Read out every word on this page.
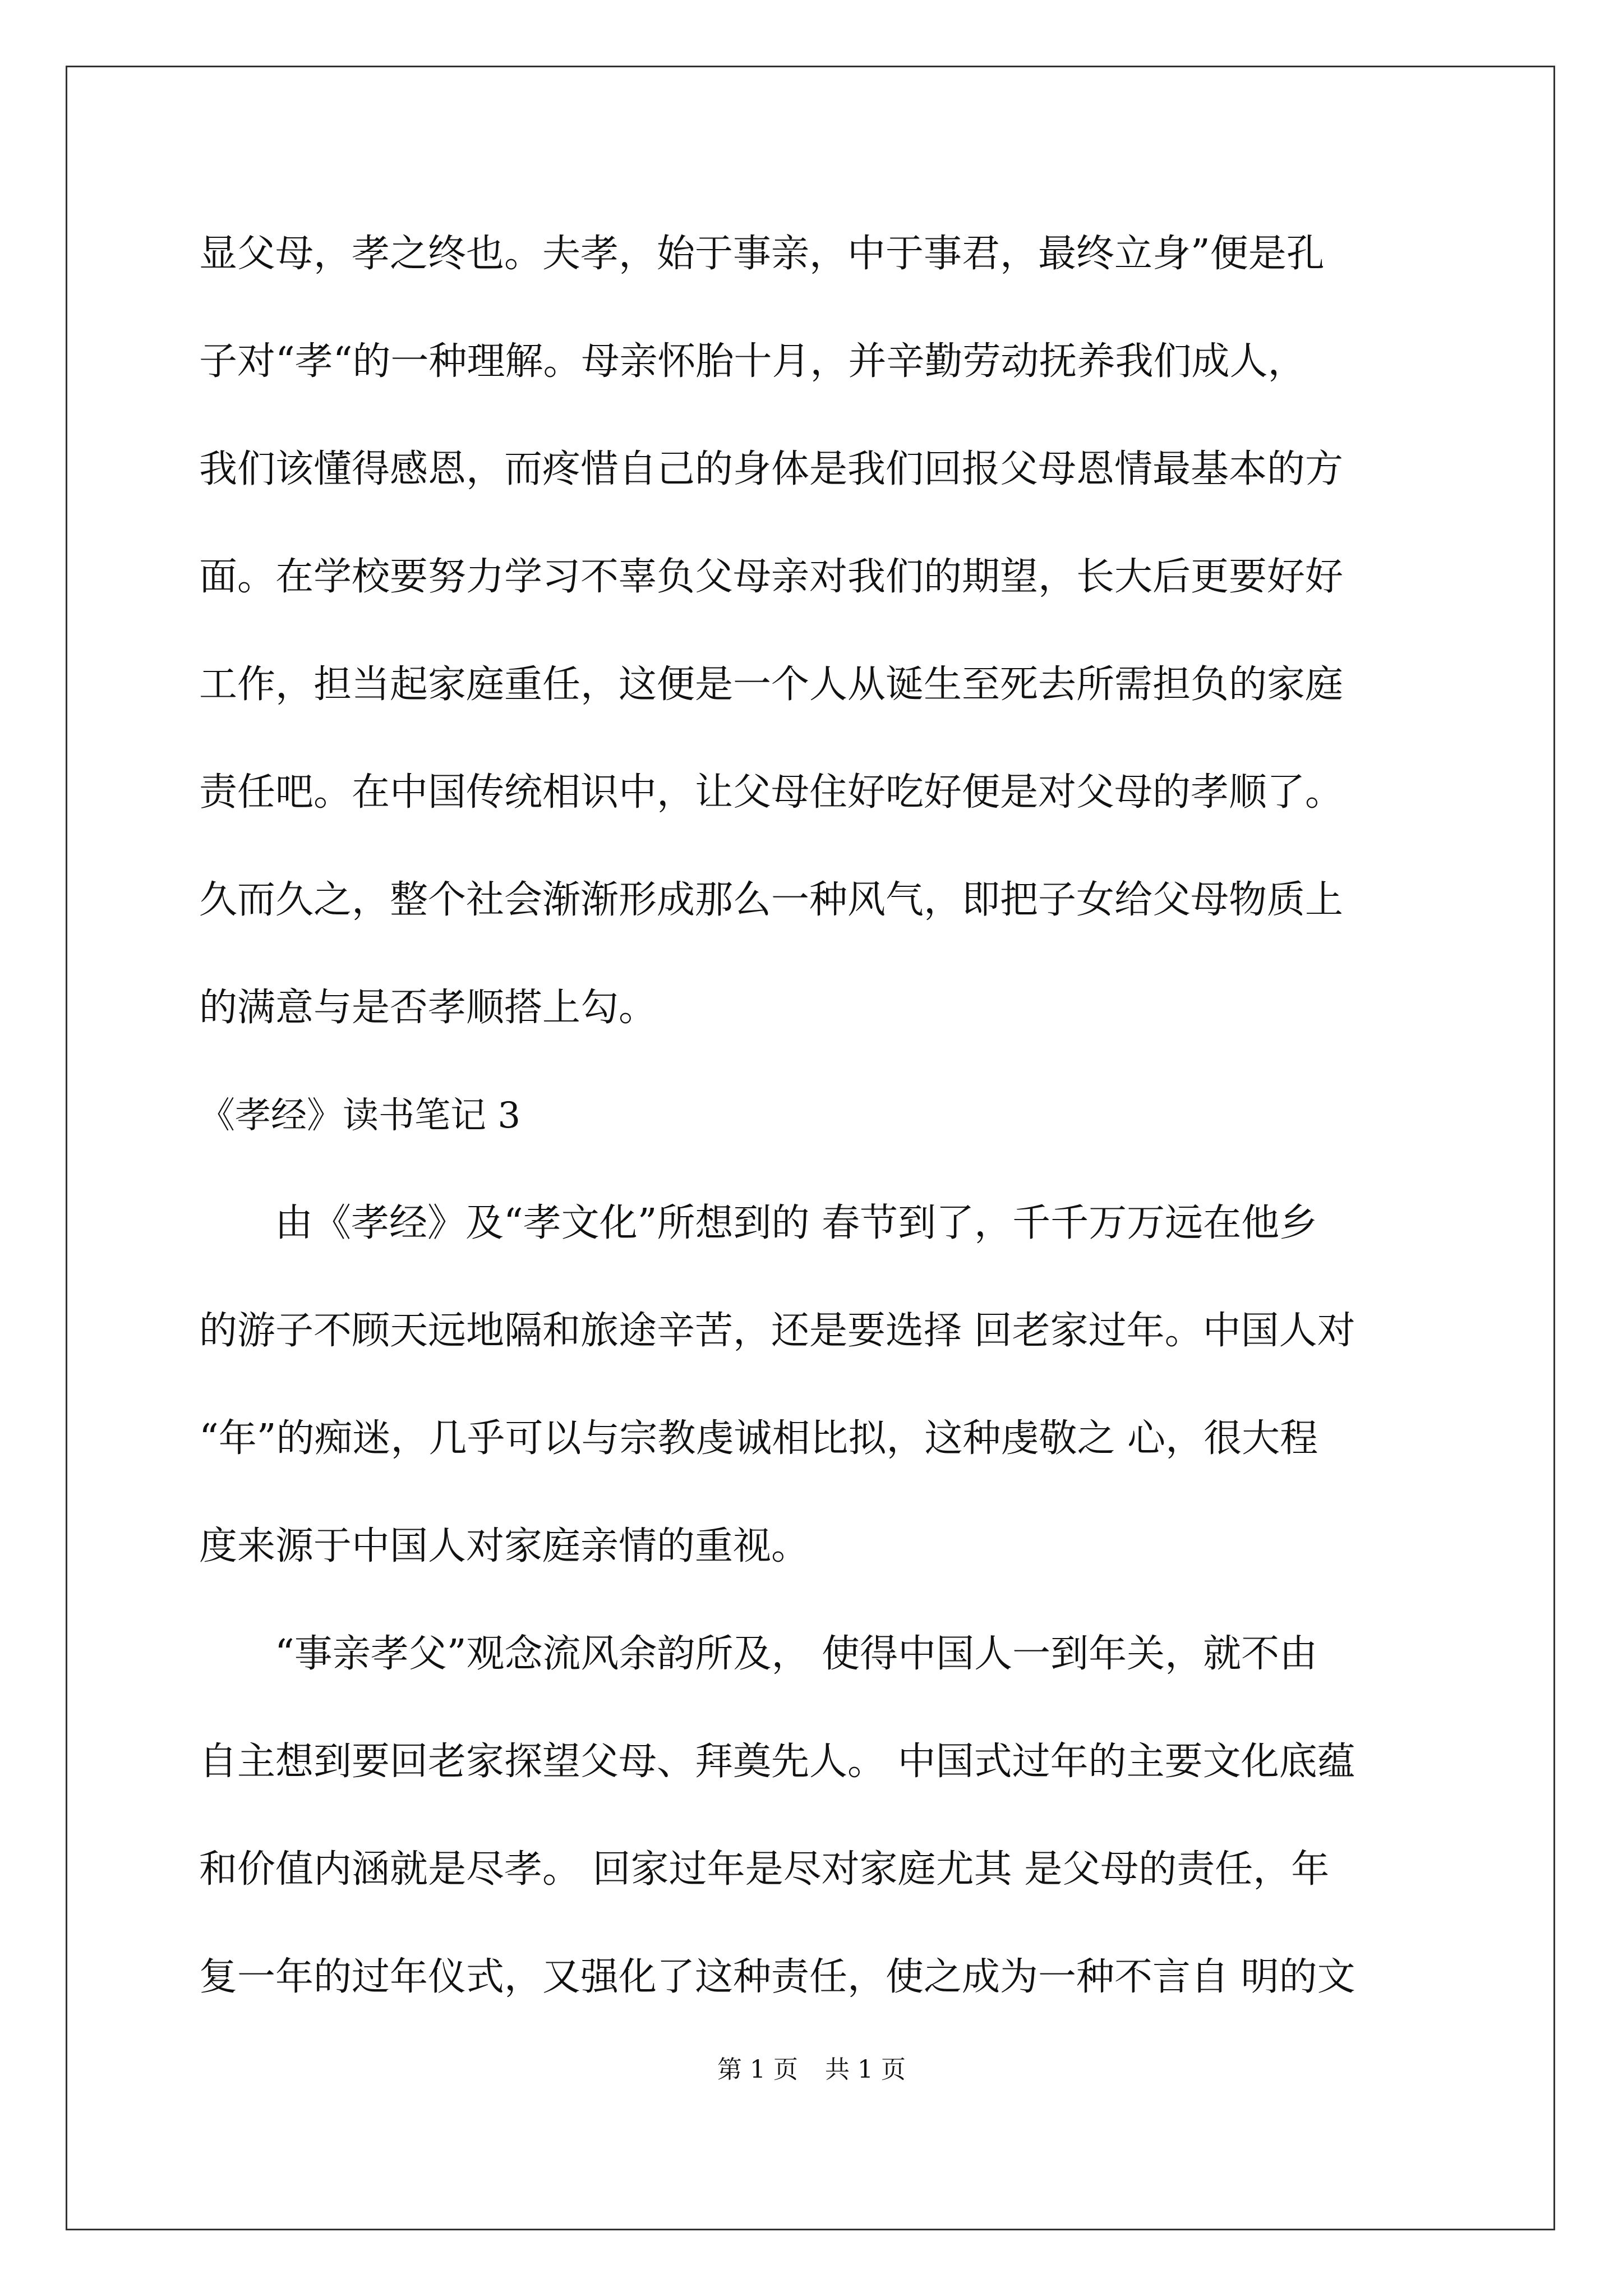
显父母，孝之终也。夫孝，始于事亲，中于事君，最终立身”便是孔
子对“孝“的一种理解。母亲怀胎十月，并辛勤劳动抚养我们成人，
我们该懂得感恩，而疼惜自己的身体是我们回报父母恩情最基本的方
面。在学校要努力学习不辜负父母亲对我们的期望，长大后更要好好
工作，担当起家庭重任，这便是一个人从诞生至死去所需担负的家庭
责任吧。在中国传统相识中，让父母住好吃好便是对父母的孝顺了。
久而久之，整个社会渐渐形成那么一种风气，即把子女给父母物质上
的满意与是否孝顺搭上勾。
《孝经》读书笔记 3
由《孝经》及“孝文化”所想到的 春节到了，千千万万远在他乡
的游子不顾天远地隔和旅途辛苦，还是要选择 回老家过年。中国人对
“年”的痴迷，几乎可以与宗教虔诚相比拟，这种虔敬之 心，很大程
度来源于中国人对家庭亲情的重视。
“事亲孝父”观念流风余韵所及， 使得中国人一到年关，就不由
自主想到要回老家探望父母、拜奠先人。 中国式过年的主要文化底蕴
和价值内涵就是尽孝。 回家过年是尽对家庭尤其 是父母的责任，年
复一年的过年仪式，又强化了这种责任，使之成为一种不言自 明的文
第 1 页 共 1 页
